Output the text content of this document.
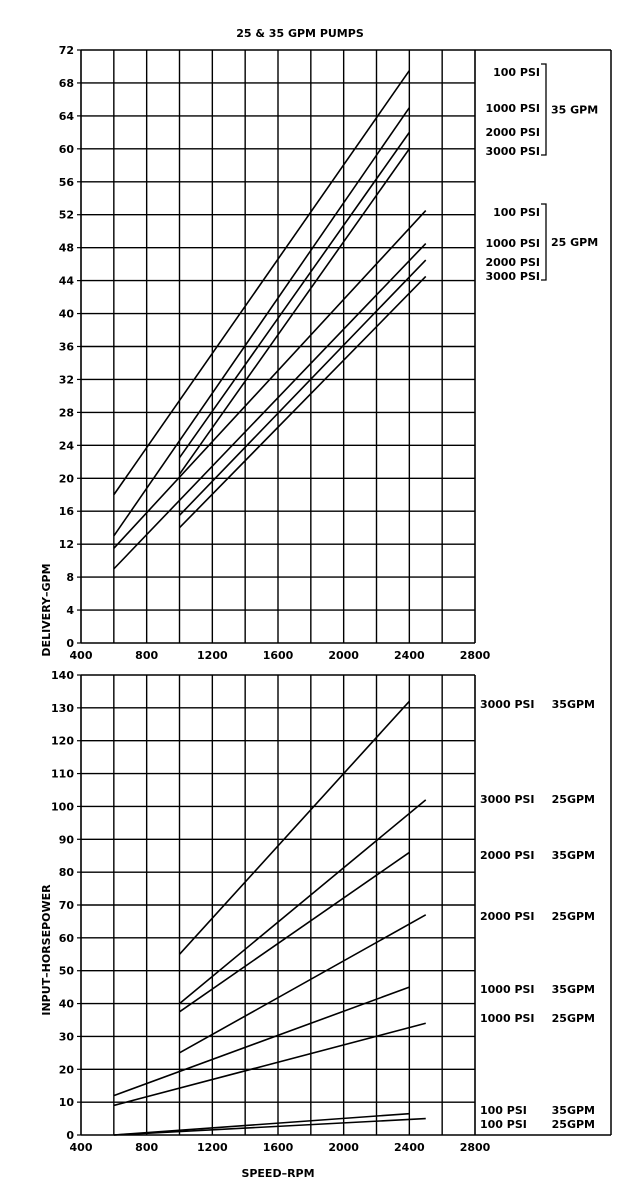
25 & 35 GPM PUMPS
0
4
8
12
16
20
24
28
32
36
40
44
48
52
56
60
64
68
72
400	800	1200	1600	2000	2400	2800
DELIVERY–GPM
0
10
20
30
40
50
60
70
80
90
100
110
120
130
140
400	800	1200	1600	2000	2400	2800
INPUT–HORSEPOWER
SPEED–RPM
100 PSI
1000 PSI
2000 PSI
3000 PSI
35 GPM
100 PSI
1000 PSI
2000 PSI
3000 PSI
25 GPM
3000 PSI 35GPM
3000 PSI 25GPM
2000 PSI 35GPM
2000 PSI 25GPM
1000 PSI 35GPM
1000 PSI 25GPM
100 PSI 35GPM
100 PSI 25GPM
